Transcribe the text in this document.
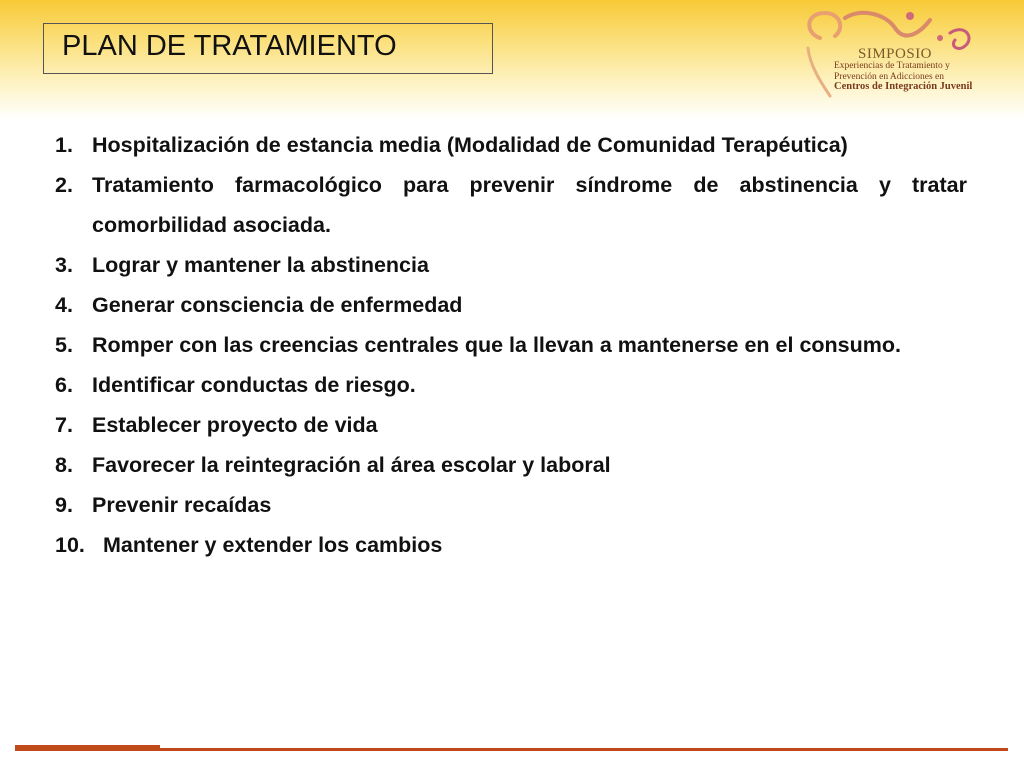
PLAN DE TRATAMIENTO	SIMPOSIO
Experiencias de Tratamiento y
Prevención en Adicciones en
Centros de Integración Juvenil
1. Hospitalización de estancia media (Modalidad de Comunidad Terapéutica)
2. Tratamiento farmacológico para prevenir síndrome de abstinencia y tratar comorbilidad asociada.
3. Lograr y mantener la abstinencia
4. Generar consciencia de enfermedad
5. Romper con las creencias centrales que la llevan a mantenerse en el consumo.
6. Identificar conductas de riesgo.
7. Establecer proyecto de vida
8. Favorecer la reintegración al área escolar y laboral
9. Prevenir recaídas
10. Mantener y extender los cambios
